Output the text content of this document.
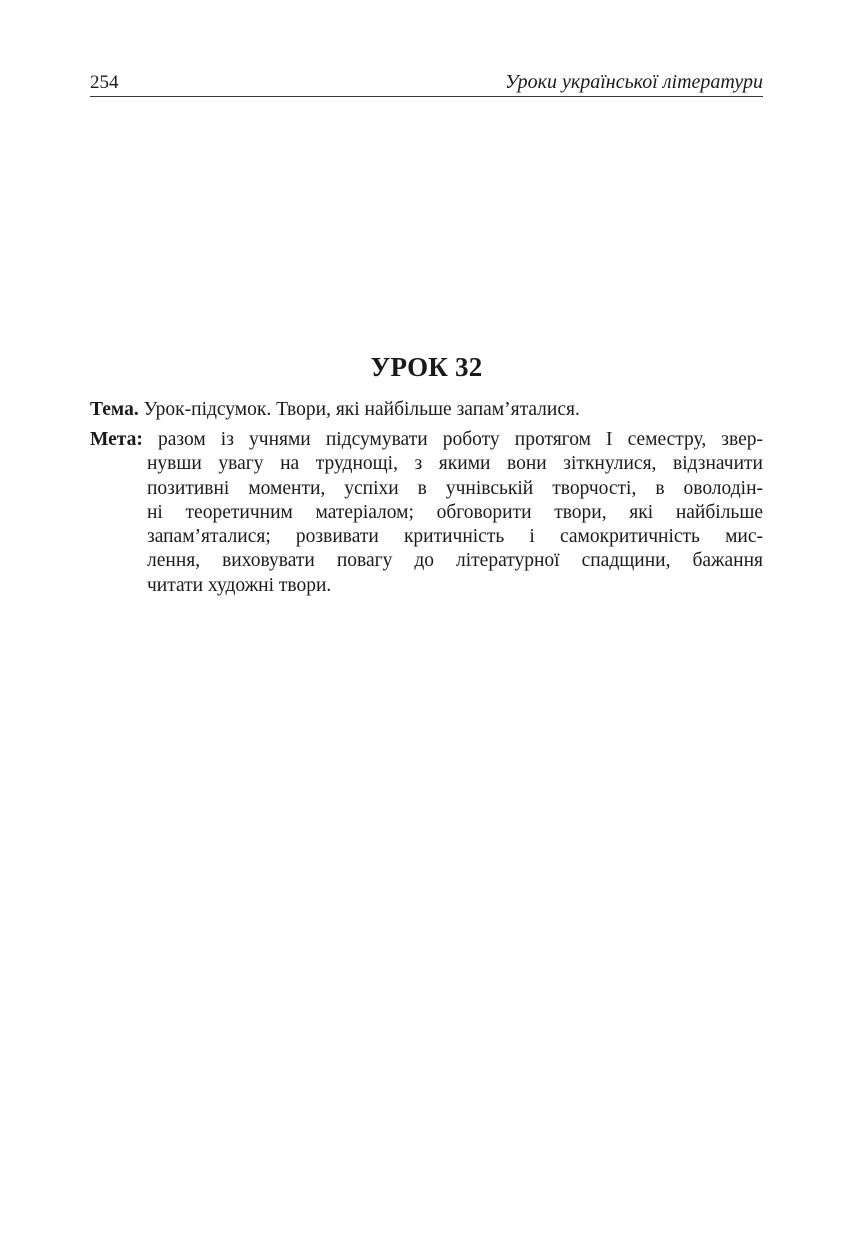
254	Уроки української літератури
УРОК 32
Тема. Урок-підсумок. Твори, які найбільше запам’яталися.
Мета: разом із учнями підсумувати роботу протягом І семестру, звер-
нувши увагу на труднощі, з якими вони зіткнулися, відзначити
позитивні моменти, успіхи в учнівській творчості, в оволодін-
ні теоретичним матеріалом; обговорити твори, які найбільше
запам’яталися; розвивати критичність і самокритичність мис-
лення, виховувати повагу до літературної спадщини, бажання
читати художні твори.
